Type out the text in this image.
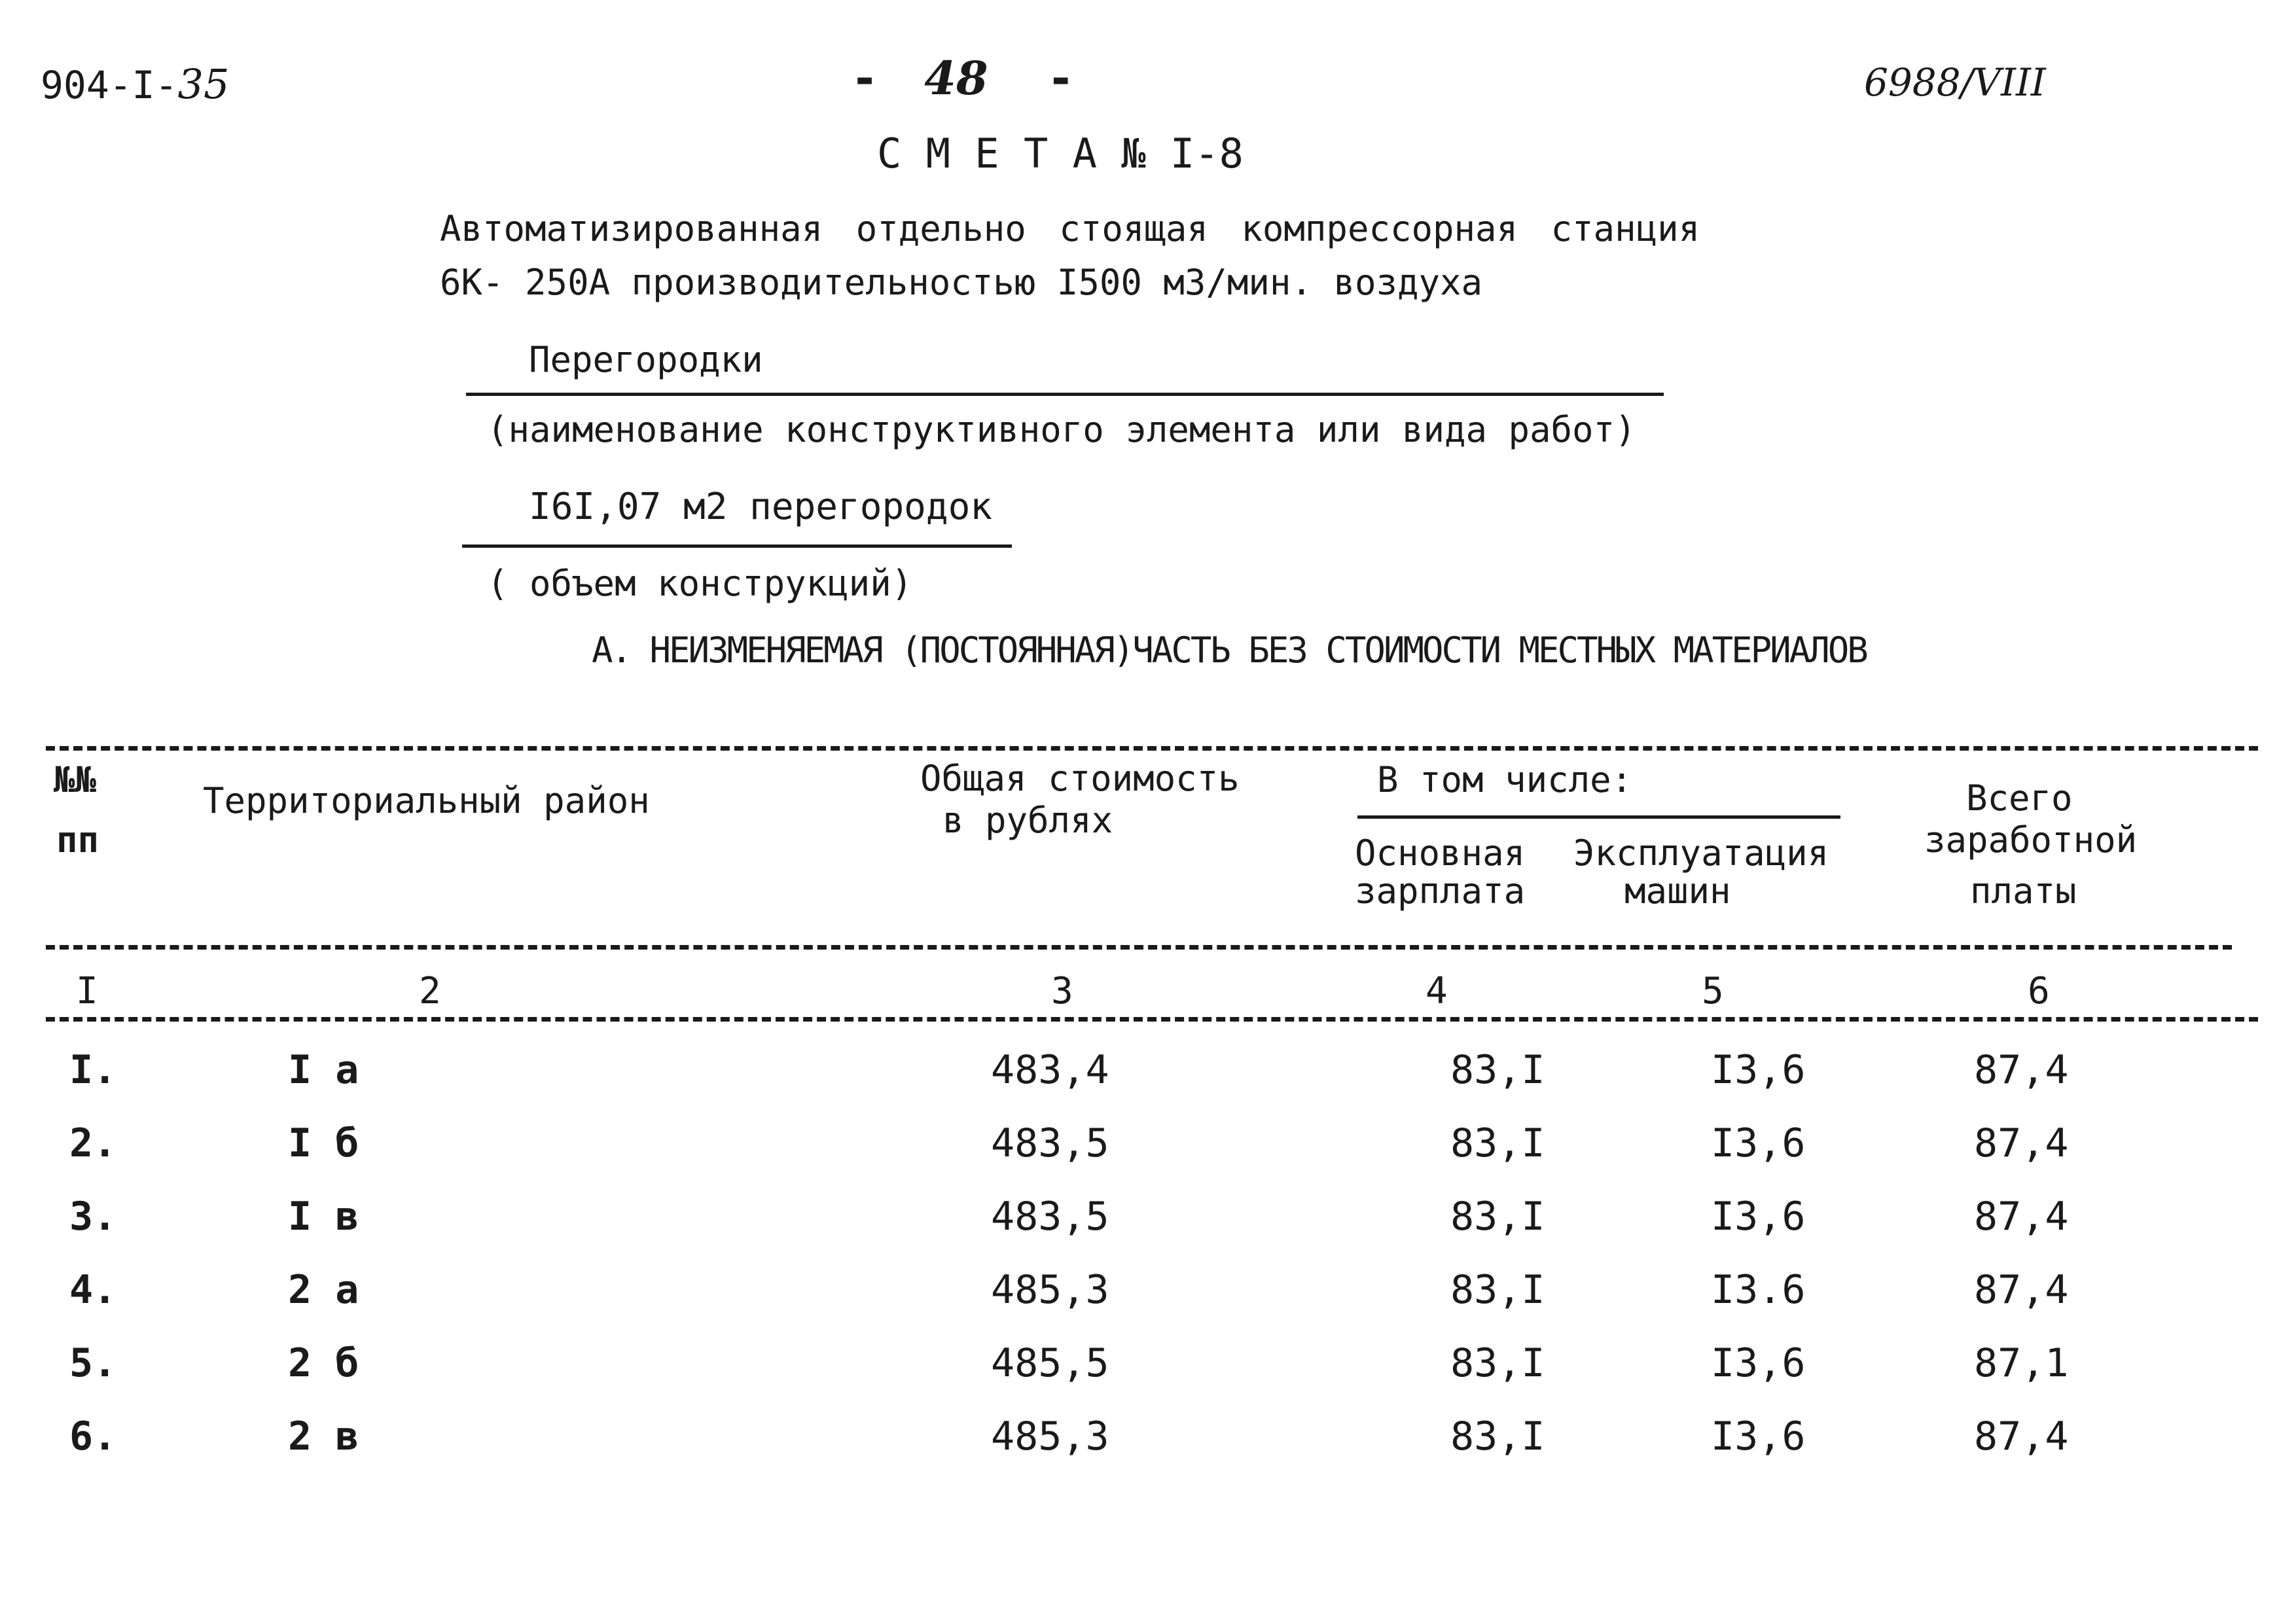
904-I-35	- 48 -	6988/VIII
С М Е Т А № I-8
Автоматизированная отдельно стоящая компрессорная станция
6К- 250А производительностью I500 м3/мин. воздуха
Перегородки
(наименование конструктивного элемента или вида работ)
I6I,07 м2 перегородок
( объем конструкций)
А. НЕИЗМЕНЯЕМАЯ (ПОСТОЯННАЯ)ЧАСТЬ БЕЗ СТОИМОСТИ МЕСТНЫХ МАТЕРИАЛОВ
№№
пп
Территориальный район
Общая стоимость
в рублях
В том числе:
Основная
зарплата
Эксплуатация
машин
Всего
заработной
платы
I	2	3	4	5	6
I.	I а	483,4	83,I	I3,6	87,4
2.	I б	483,5	83,I	I3,6	87,4
3.	I в	483,5	83,I	I3,6	87,4
4.	2 а	485,3	83,I	I3.6	87,4
5.	2 б	485,5	83,I	I3,6	87,1
6.	2 в	485,3	83,I	I3,6	87,4
